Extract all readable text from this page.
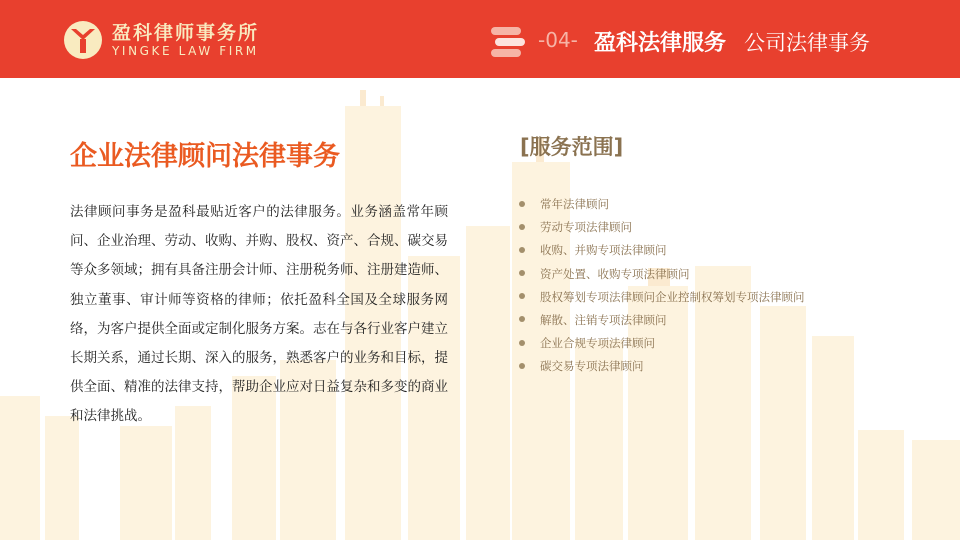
盈科律师事务所
YINGKE LAW FIRM	-04- 盈科法律服务 公司法律事务
企业法律顾问法律事务

法律顾问事务是盈科最贴近客户的法律服务。业务涵盖常年顾问、企业治理、劳动、收购、并购、股权、资产、合规、碳交易等众多领域；拥有具备注册会计师、注册税务师、注册建造师、独立董事、审计师等资格的律师；依托盈科全国及全球服务网络，为客户提供全面或定制化服务方案。志在与各行业客户建立长期关系，通过长期、深入的服务，熟悉客户的业务和目标，提供全面、精准的法律支持，帮助企业应对日益复杂和多变的商业和法律挑战。

[服务范围]
常年法律顾问
劳动专项法律顾问
收购、并购专项法律顾问
资产处置、收购专项法律顾问
股权筹划专项法律顾问企业控制权筹划专项法律顾问
解散、注销专项法律顾问
企业合规专项法律顾问
碳交易专项法律顾问
